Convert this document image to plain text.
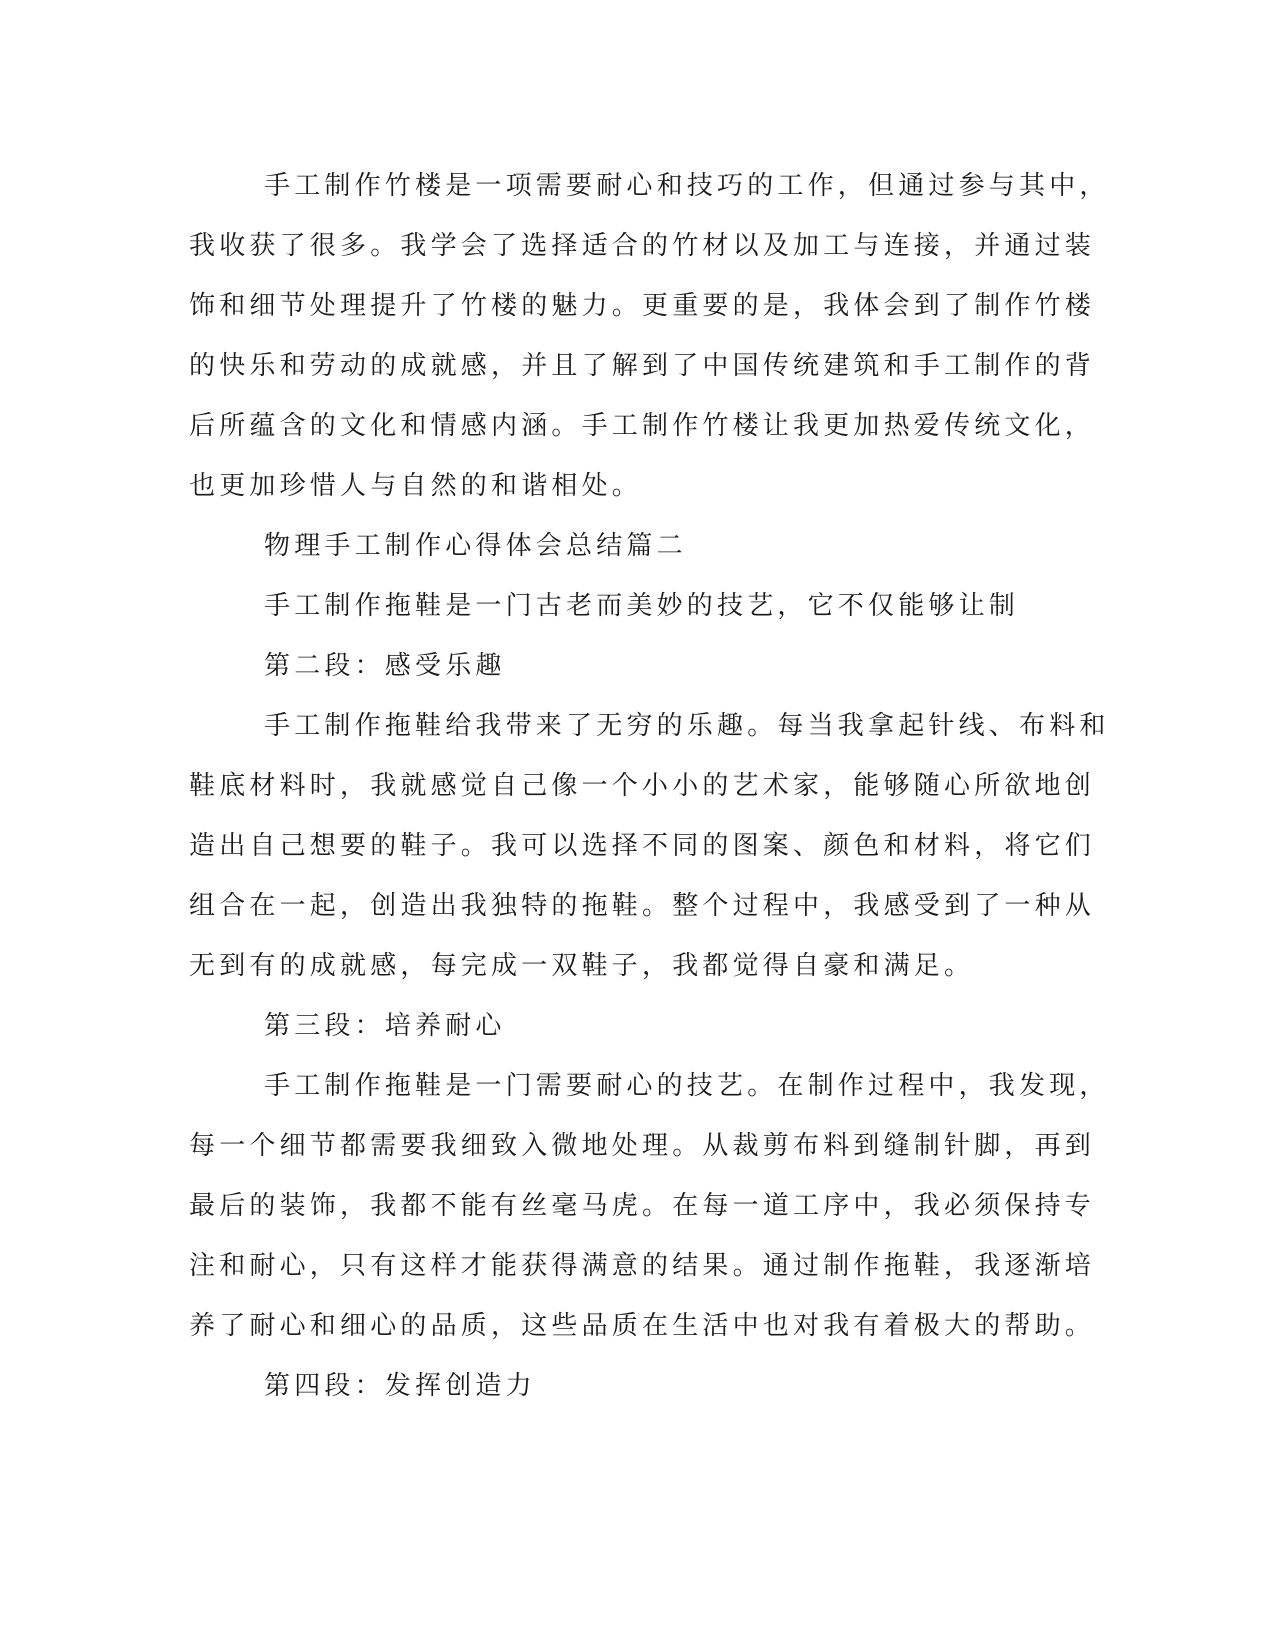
手工制作竹楼是一项需要耐心和技巧的工作，但通过参与其中，
我收获了很多。我学会了选择适合的竹材以及加工与连接，并通过装
饰和细节处理提升了竹楼的魅力。更重要的是，我体会到了制作竹楼
的快乐和劳动的成就感，并且了解到了中国传统建筑和手工制作的背
后所蕴含的文化和情感内涵。手工制作竹楼让我更加热爱传统文化，
也更加珍惜人与自然的和谐相处。
物理手工制作心得体会总结篇二
手工制作拖鞋是一门古老而美妙的技艺，它不仅能够让制
第二段：感受乐趣
手工制作拖鞋给我带来了无穷的乐趣。每当我拿起针线、布料和
鞋底材料时，我就感觉自己像一个小小的艺术家，能够随心所欲地创
造出自己想要的鞋子。我可以选择不同的图案、颜色和材料，将它们
组合在一起，创造出我独特的拖鞋。整个过程中，我感受到了一种从
无到有的成就感，每完成一双鞋子，我都觉得自豪和满足。
第三段：培养耐心
手工制作拖鞋是一门需要耐心的技艺。在制作过程中，我发现，
每一个细节都需要我细致入微地处理。从裁剪布料到缝制针脚，再到
最后的装饰，我都不能有丝毫马虎。在每一道工序中，我必须保持专
注和耐心，只有这样才能获得满意的结果。通过制作拖鞋，我逐渐培
养了耐心和细心的品质，这些品质在生活中也对我有着极大的帮助。
第四段：发挥创造力
